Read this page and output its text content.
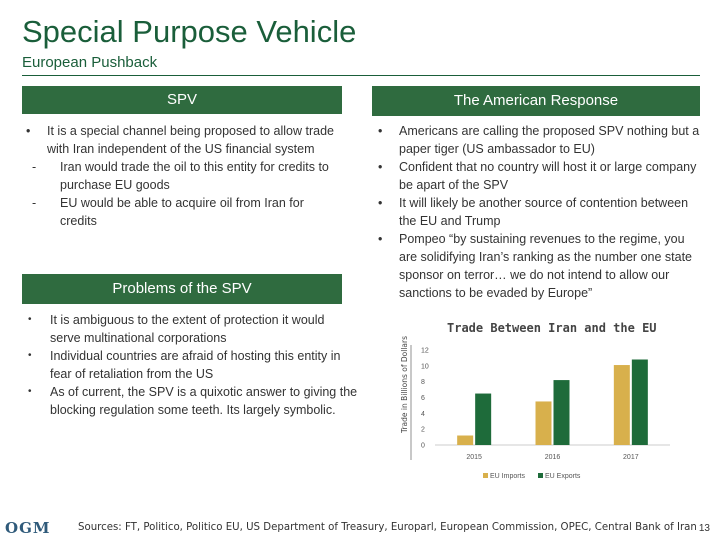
Special Purpose Vehicle
European Pushback
SPV
• It is a special channel being proposed to allow trade with Iran independent of the US financial system
- Iran would trade the oil to this entity for credits to purchase EU goods
- EU would be able to acquire oil from Iran for credits
Problems of the SPV
• It is ambiguous to the extent of protection it would serve multinational corporations
• Individual countries are afraid of hosting this entity in fear of retaliation from the US
• As of current, the SPV is a quixotic answer to giving the blocking regulation some teeth. Its largely symbolic.
The American Response
• Americans are calling the proposed SPV nothing but a paper tiger (US ambassador to EU)
• Confident that no country will host it or large company be apart of the SPV
• It will likely be another source of contention between the EU and Trump
• Pompeo “by sustaining revenues to the regime, you are solidifying Iran’s ranking as the number one state sponsor on terror… we do not intend to allow our sanctions to be evaded by Europe”
0
2
4
6
8
10
12
Trade in Billions of Dollars
2015	2016	2017
EU Imports	EU Exports
Trade Between Iran and the EU
OGM	Sources: FT, Politico, Politico EU, US Department of Treasury, Europarl, European Commission, OPEC, Central Bank of Iran 13
